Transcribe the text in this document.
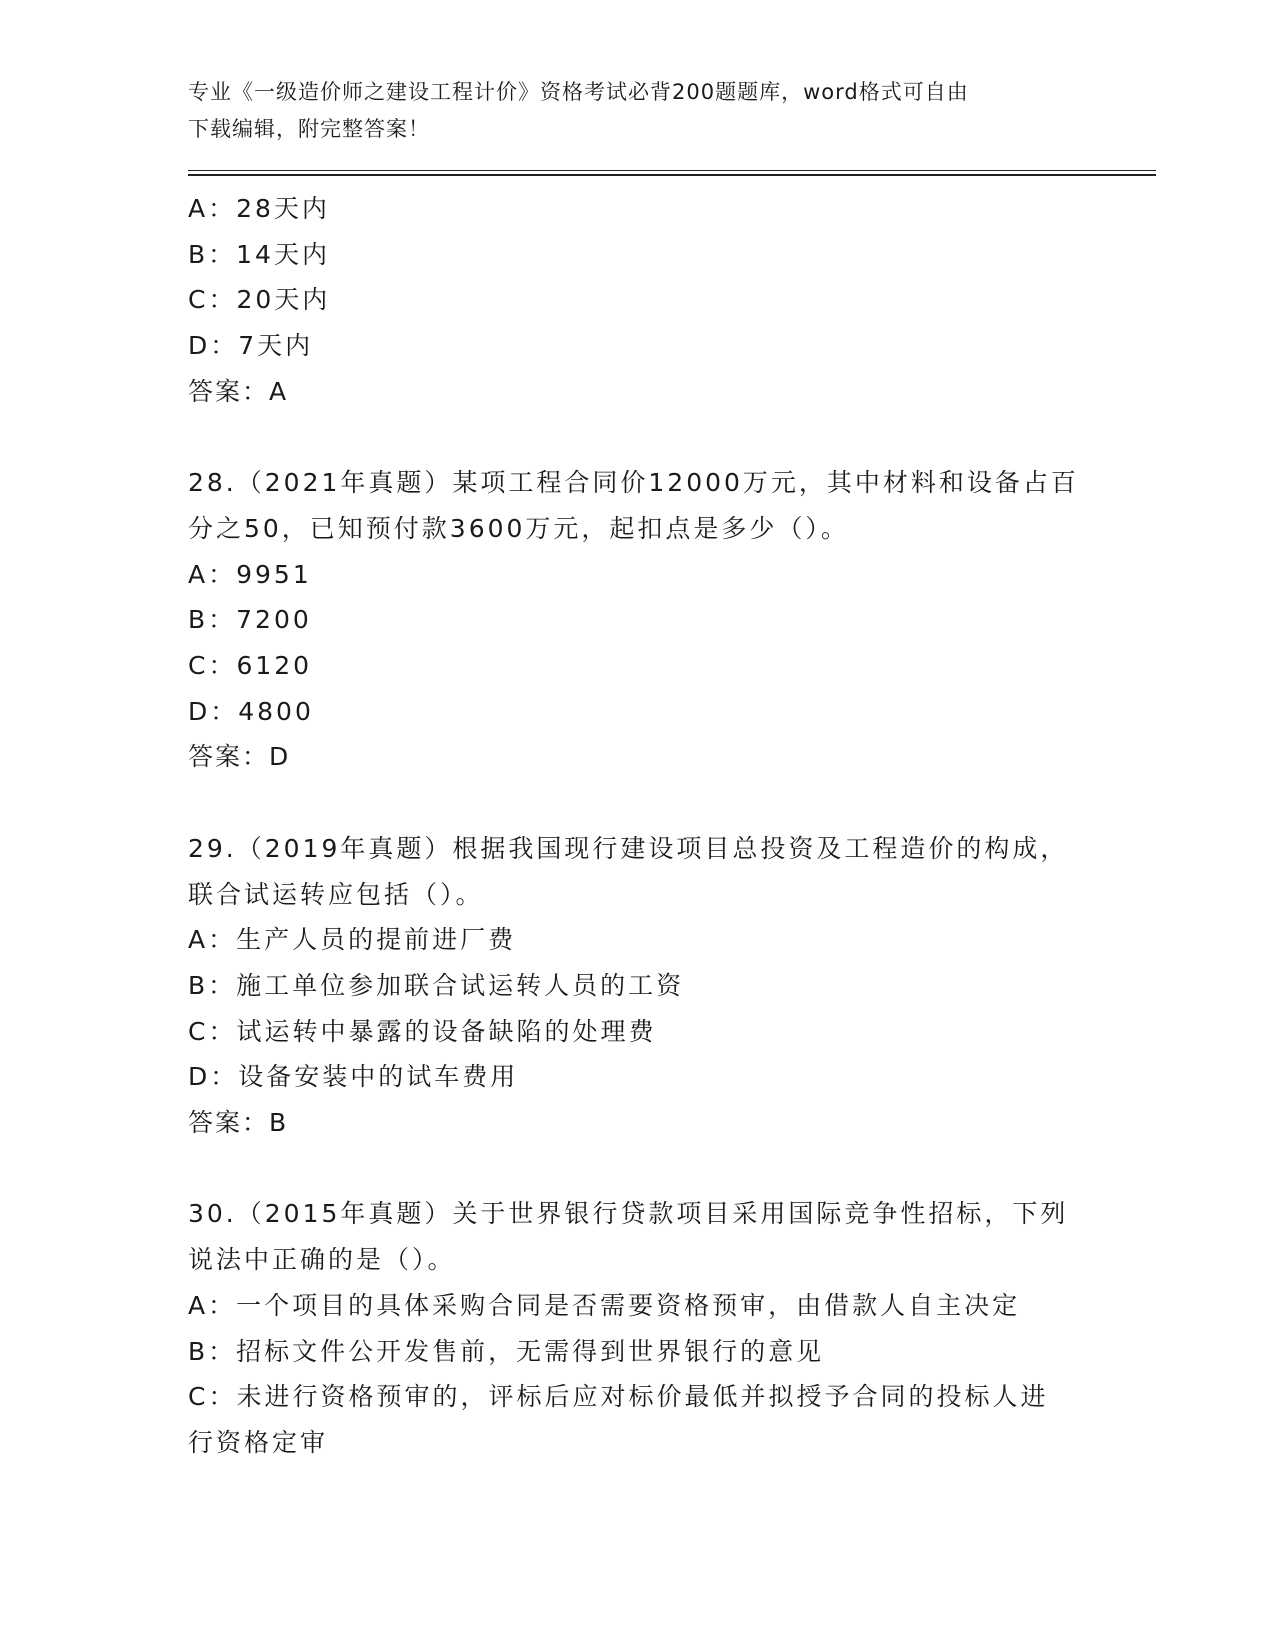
专业《一级造价师之建设工程计价》资格考试必背200题题库，word格式可自由
下载编辑，附完整答案！
A：28天内
B：14天内
C：20天内
D：7天内
答案：A
28.（2021年真题）某项工程合同价12000万元，其中材料和设备占百
分之50，已知预付款3600万元，起扣点是多少（）。
A：9951
B：7200
C：6120
D：4800
答案：D
29.（2019年真题）根据我国现行建设项目总投资及工程造价的构成，
联合试运转应包括（）。
A：生产人员的提前进厂费
B：施工单位参加联合试运转人员的工资
C：试运转中暴露的设备缺陷的处理费
D：设备安装中的试车费用
答案：B
30.（2015年真题）关于世界银行贷款项目采用国际竞争性招标，下列
说法中正确的是（）。
A：一个项目的具体采购合同是否需要资格预审，由借款人自主决定
B：招标文件公开发售前，无需得到世界银行的意见
C：未进行资格预审的，评标后应对标价最低并拟授予合同的投标人进
行资格定审
